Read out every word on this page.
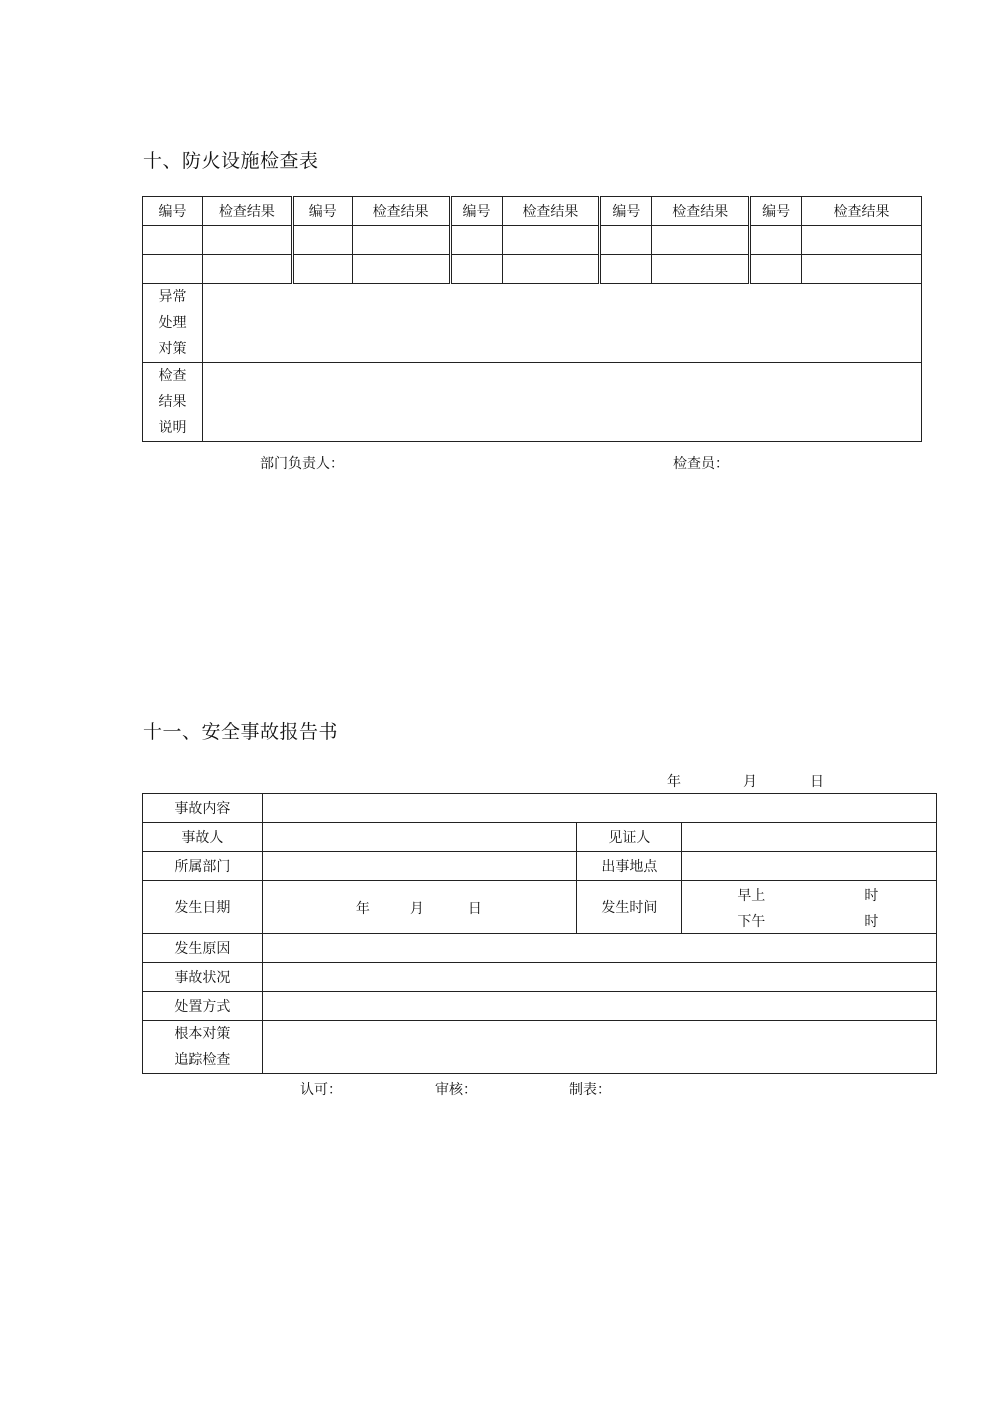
十、防火设施检查表
编号	检查结果	编号	检查结果	编号	检查结果	编号	检查结果	编号	检查结果

异常
处理
对策									

检查
结果
说明									

部门负责人：	检查员：
十一、安全事故报告书
年	月	日
事故内容			
事故人		见证人	
所属部门		出事地点	
发生日期	年 月 日	发生时间	早上 时
下午 时

发生原因			
事故状况			
处置方式			

根本对策
追踪检查			

认可：	审核：	制表：
